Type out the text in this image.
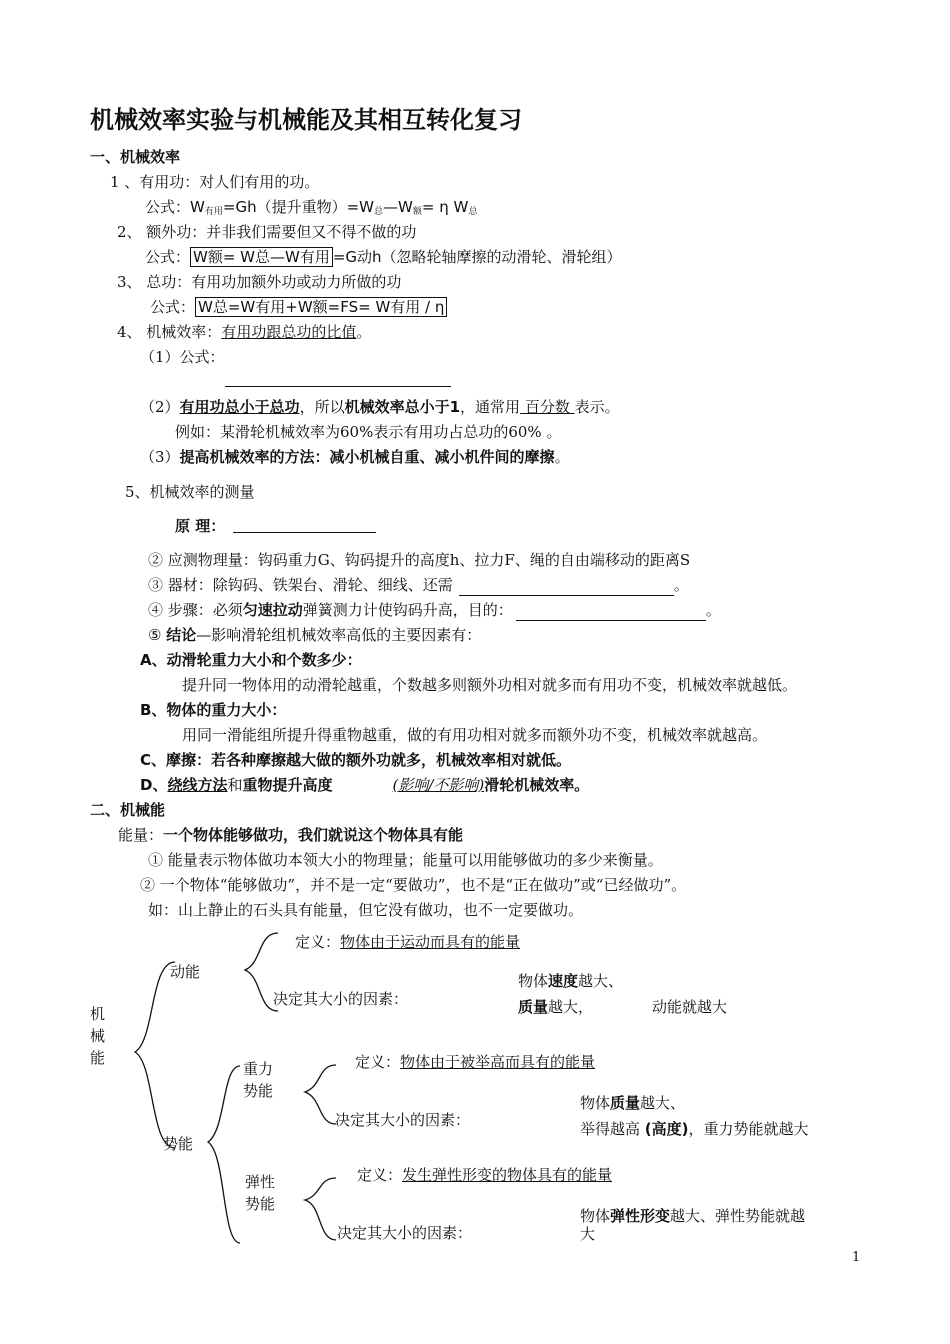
机械效率实验与机械能及其相互转化复习
一、机械效率
1 、有用功：对人们有用的功。
公式：$W_{有用}=Gh$（提升重物）$=W_总—W_额= \eta$ $W_总$
2、 额外功：并非我们需要但又不得不做的功
公式： W额= W总—W有用 =G动h（忽略轮轴摩擦的动滑轮、滑轮组）
3、 总功：有用功加额外功或动力所做的功
公式： W总=W有用+W额=FS= W有用 / η
4、 机械效率：有用功跟总功的比值。
（1）公式：
（2）有用功总小于总功，所以机械效率总小于1，通常用 百分数 表示。
例如：某滑轮机械效率为60%表示有用功占总功的60% 。
（3）提高机械效率的方法：减小机械自重、减小机件间的摩擦。
5、机械效率的测量
原 理：
② 应测物理量：钩码重力G、钩码提升的高度h、拉力F、绳的自由端移动的距离S
③ 器材：除钩码、铁架台、滑轮、细线、还需	。
④ 步骤：必须匀速拉动弹簧测力计使钩码升高，目的：	。
⑤ 结论—影响滑轮组机械效率高低的主要因素有：
A、动滑轮重力大小和个数多少：
提升同一物体用的动滑轮越重，个数越多则额外功相对就多而有用功不变，机械效率就越低。
B、物体的重力大小：
用同一滑能组所提升得重物越重，做的有用功相对就多而额外功不变，机械效率就越高。
C、摩擦：若各种摩擦越大做的额外功就多，机械效率相对就低。
D、绕线方法和重物提升高度	(影响/不影响)滑轮机械效率。
二、机械能
能量：一个物体能够做功，我们就说这个物体具有能
① 能量表示物体做功本领大小的物理量；能量可以用能够做功的多少来衡量。
② 一个物体“能够做功”，并不是一定“要做功”，也不是“正在做功”或“已经做功”。
如：山上静止的石头具有能量，但它没有做功，也不一定要做功。
机
械
能
动能
定义：物体由于运动而具有的能量
决定其大小的因素：
物体速度越大、
质量越大，	动能就越大
势能
重力
势能
定义：物体由于被举高而具有的能量
决定其大小的因素：
物体质量越大、
举得越高 (高度)，重力势能就越大
弹性
势能
定义：发生弹性形变的物体具有的能量
决定其大小的因素：
物体弹性形变越大、弹性势能就越
大
1
